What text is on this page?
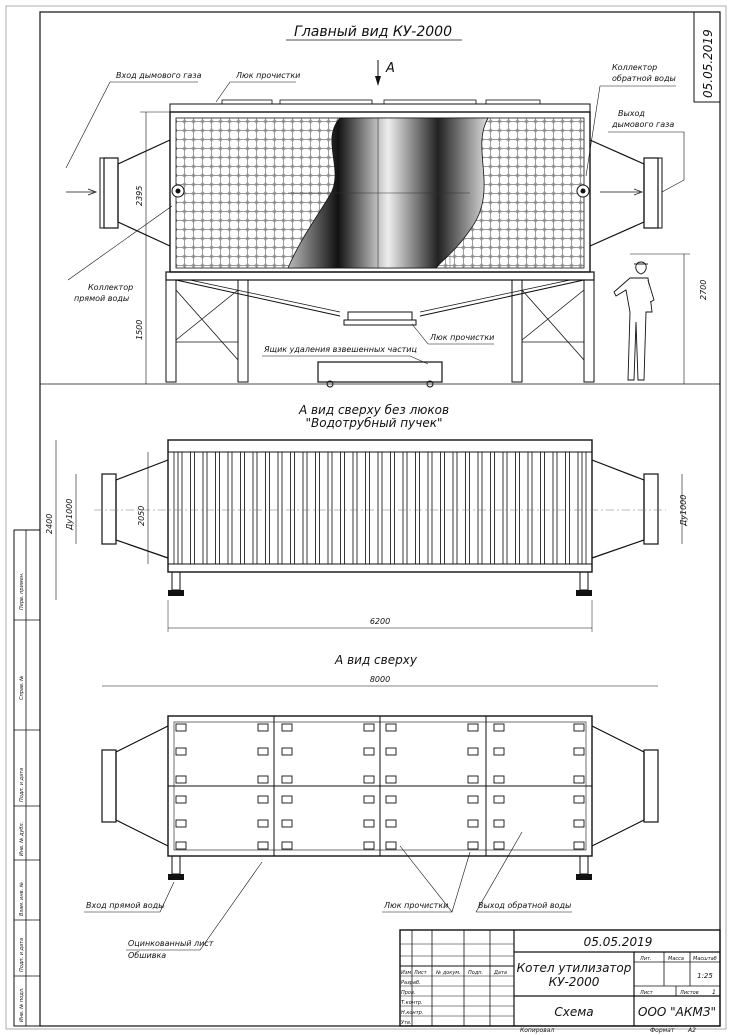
05.05.2019
Главный вид КУ-2000
A
Вход дымового газа	Люк прочистки
Коллектор
обратной воды
Выход
дымового газа
Коллектор
прямой воды
Люк прочистки
Ящик удаления взвешенных частиц
2395
1500
2700
А вид сверху без люков
"Водотрубный пучек"
2400 Ду1000	2050	Ду1000
6200
А вид сверху
8000
Вход прямой воды
Оцинкованный лист
Обшивка
Люк прочистки	Выход обратной воды
Перв. примен.
Справ. №
Подп. и дата
Инв. № дубл.
Взам. инв. №
Подп. и дата
Инв. № подл.
05.05.2019
Изм. Лист № докум. Подп. Дата
Разраб.
Пров.
Т.контр.
Н.контр.
Утв.
Котел утилизатор
КУ-2000
Схема
Лит.	Масса Масштаб
1:25
Лист	Листов 1
ООО "АКМЗ"
Копировал	Формат A2
